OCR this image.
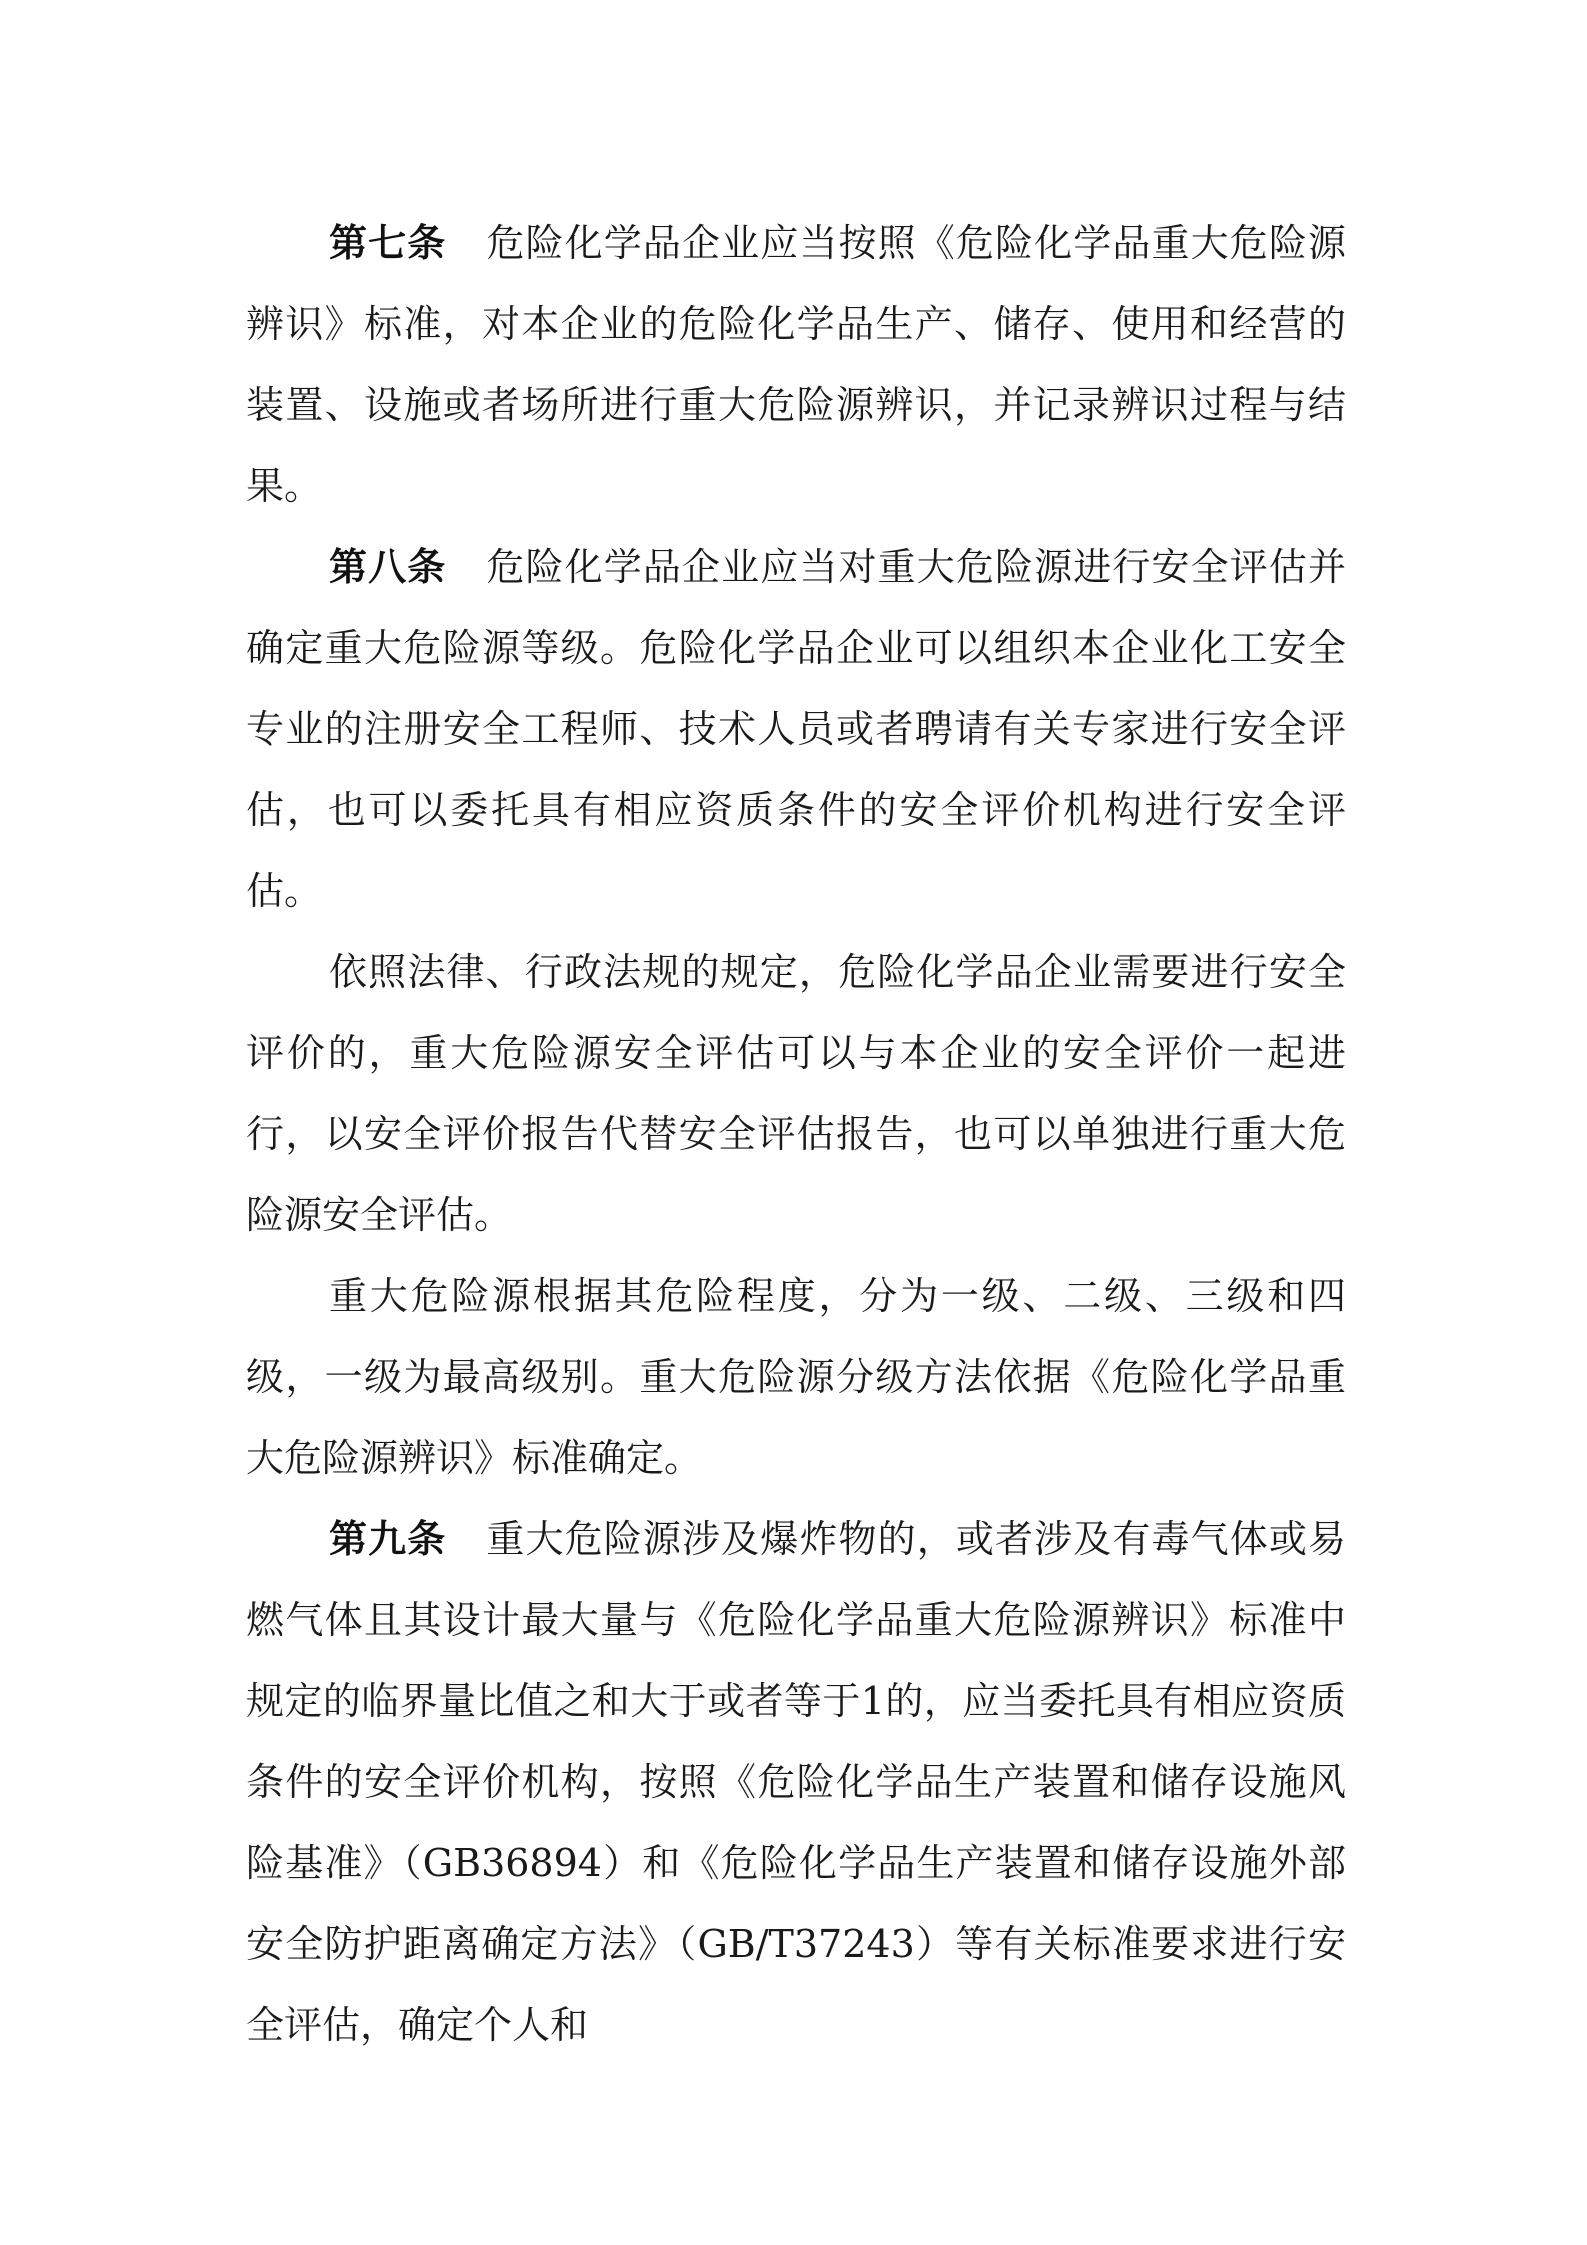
第七条 危险化学品企业应当按照《危险化学品重大危险源辨识》标准，对本企业的危险化学品生产、储存、使用和经营的装置、设施或者场所进行重大危险源辨识，并记录辨识过程与结果。

第八条 危险化学品企业应当对重大危险源进行安全评估并确定重大危险源等级。危险化学品企业可以组织本企业化工安全专业的注册安全工程师、技术人员或者聘请有关专家进行安全评估，也可以委托具有相应资质条件的安全评价机构进行安全评估。

依照法律、行政法规的规定，危险化学品企业需要进行安全评价的，重大危险源安全评估可以与本企业的安全评价一起进行，以安全评价报告代替安全评估报告，也可以单独进行重大危险源安全评估。

重大危险源根据其危险程度，分为一级、二级、三级和四级，一级为最高级别。重大危险源分级方法依据《危险化学品重大危险源辨识》标准确定。

第九条 重大危险源涉及爆炸物的，或者涉及有毒气体或易燃气体且其设计最大量与《危险化学品重大危险源辨识》标准中规定的临界量比值之和大于或者等于1的，应当委托具有相应资质条件的安全评价机构，按照《危险化学品生产装置和储存设施风险基准》（GB36894）和《危险化学品生产装置和储存设施外部安全防护距离确定方法》（GB/T37243）等有关标准要求进行安全评估，确定个人和
